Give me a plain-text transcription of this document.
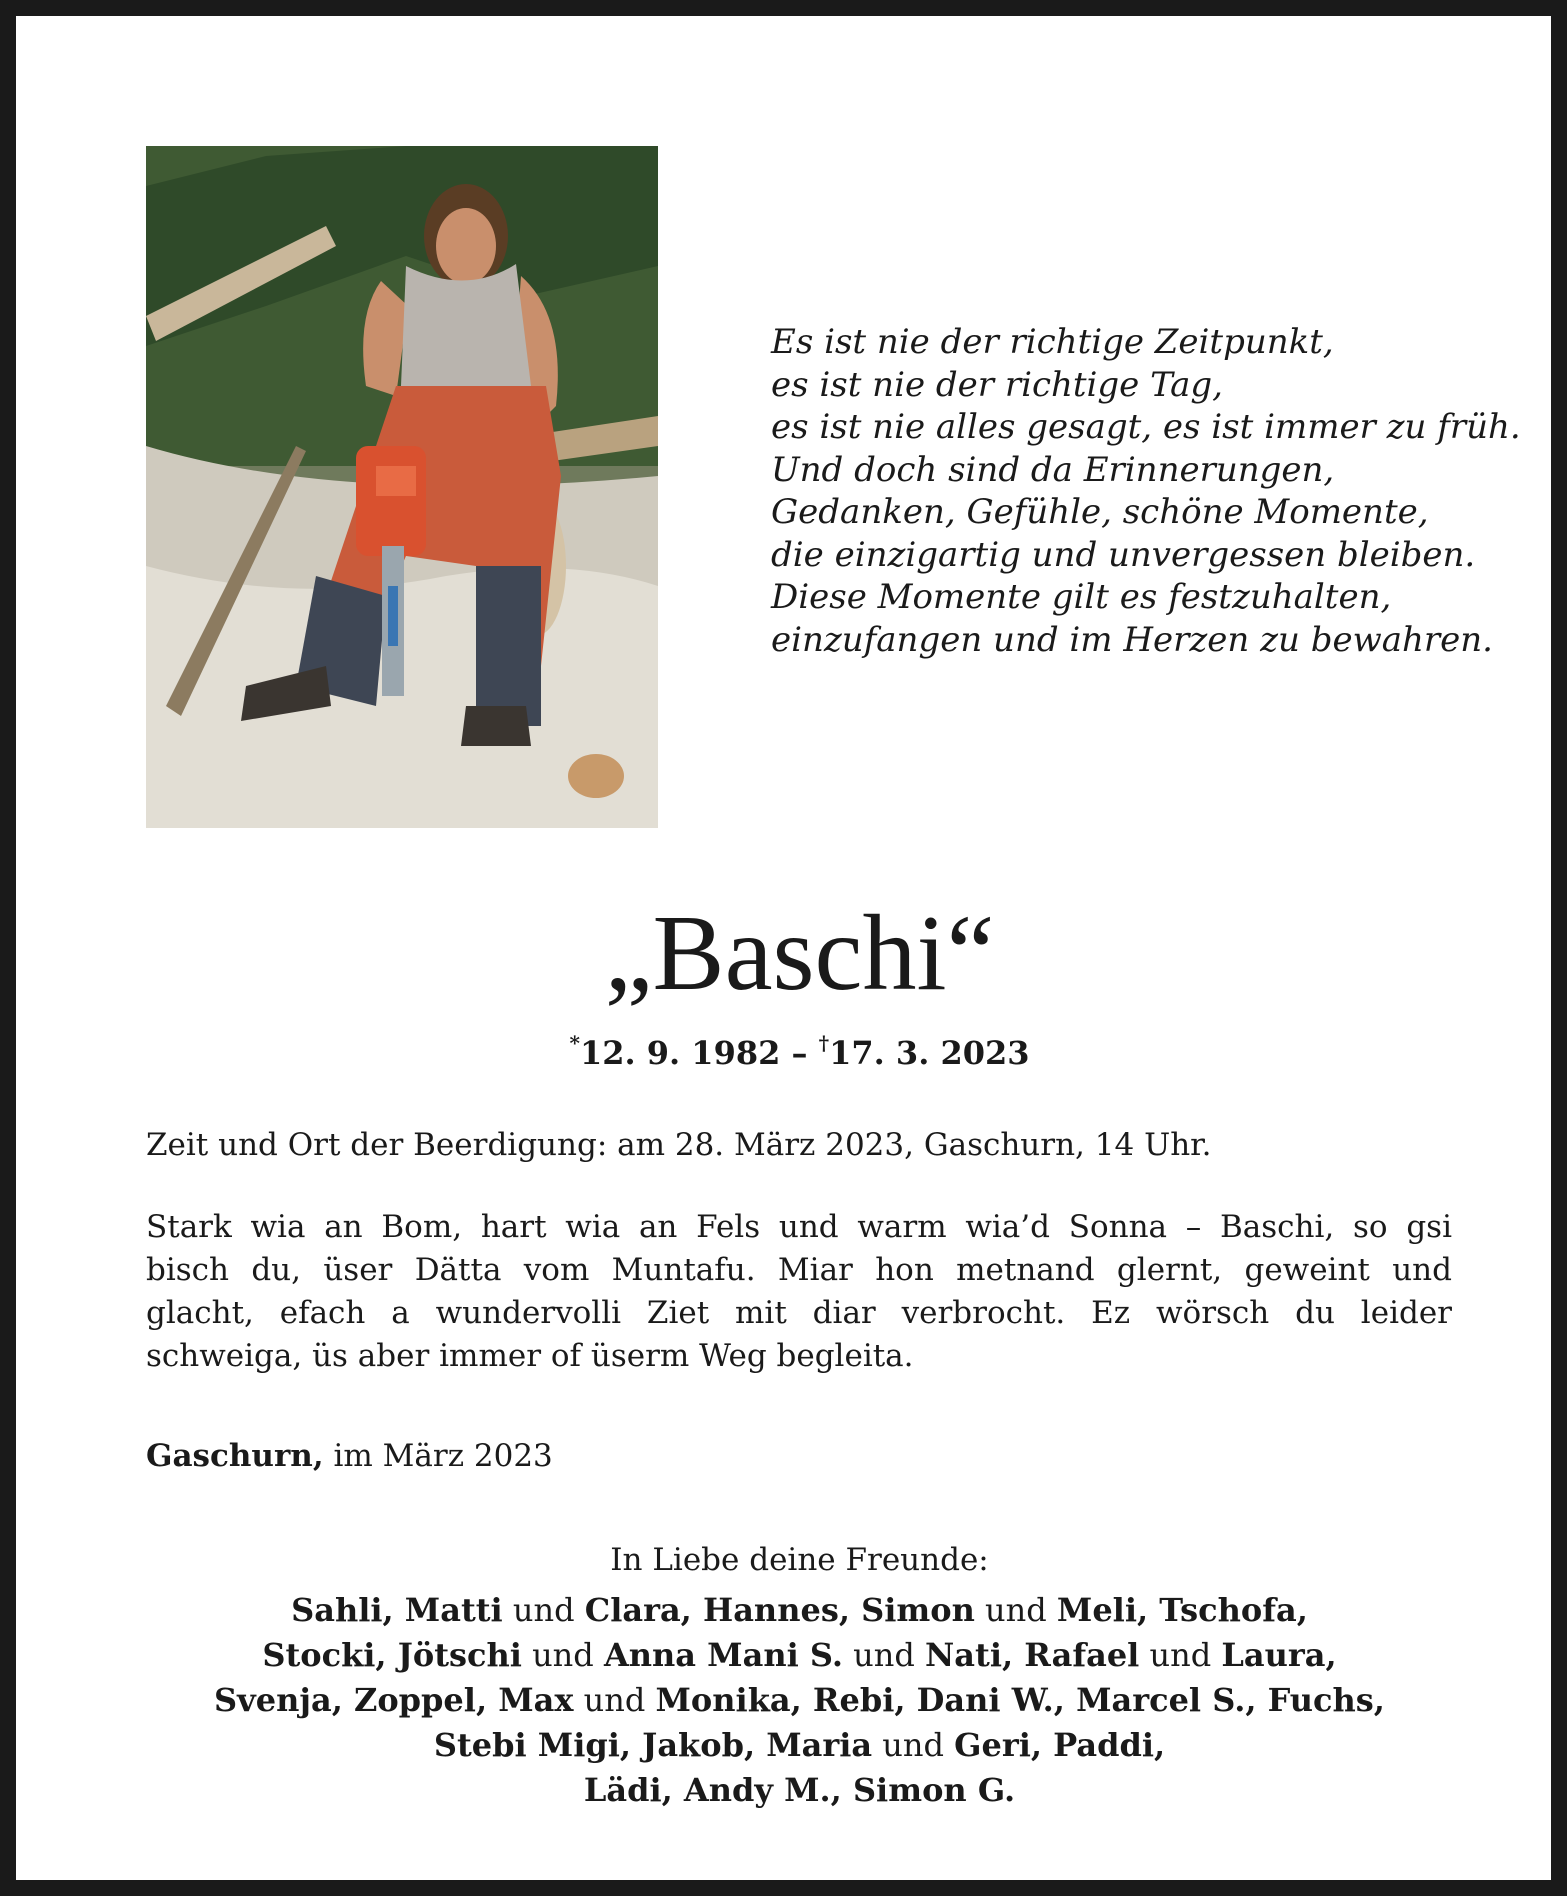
Es ist nie der richtige Zeitpunkt,
es ist nie der richtige Tag,
es ist nie alles gesagt, es ist immer zu früh.
Und doch sind da Erinnerungen,
Gedanken, Gefühle, schöne Momente,
die einzigartig und unvergessen bleiben.
Diese Momente gilt es festzuhalten,
einzufangen und im Herzen zu bewahren.
„Baschi“
*12. 9. 1982 – †17. 3. 2023
Zeit und Ort der Beerdigung: am 28. März 2023, Gaschurn, 14 Uhr.
Stark wia an Bom, hart wia an Fels und warm wia’d Sonna – Baschi, so gsi
bisch du, üser Dätta vom Muntafu. Miar hon metnand glernt, geweint und
glacht, efach a wundervolli Ziet mit diar verbrocht. Ez wörsch du leider
schweiga, üs aber immer of üserm Weg begleita.
Gaschurn, im März 2023
In Liebe deine Freunde:
Sahli, Matti und Clara, Hannes, Simon und Meli, Tschofa,
Stocki, Jötschi und Anna Mani S. und Nati, Rafael und Laura,
Svenja, Zoppel, Max und Monika, Rebi, Dani W., Marcel S., Fuchs,
Stebi Migi, Jakob, Maria und Geri, Paddi,
Lädi, Andy M., Simon G.
